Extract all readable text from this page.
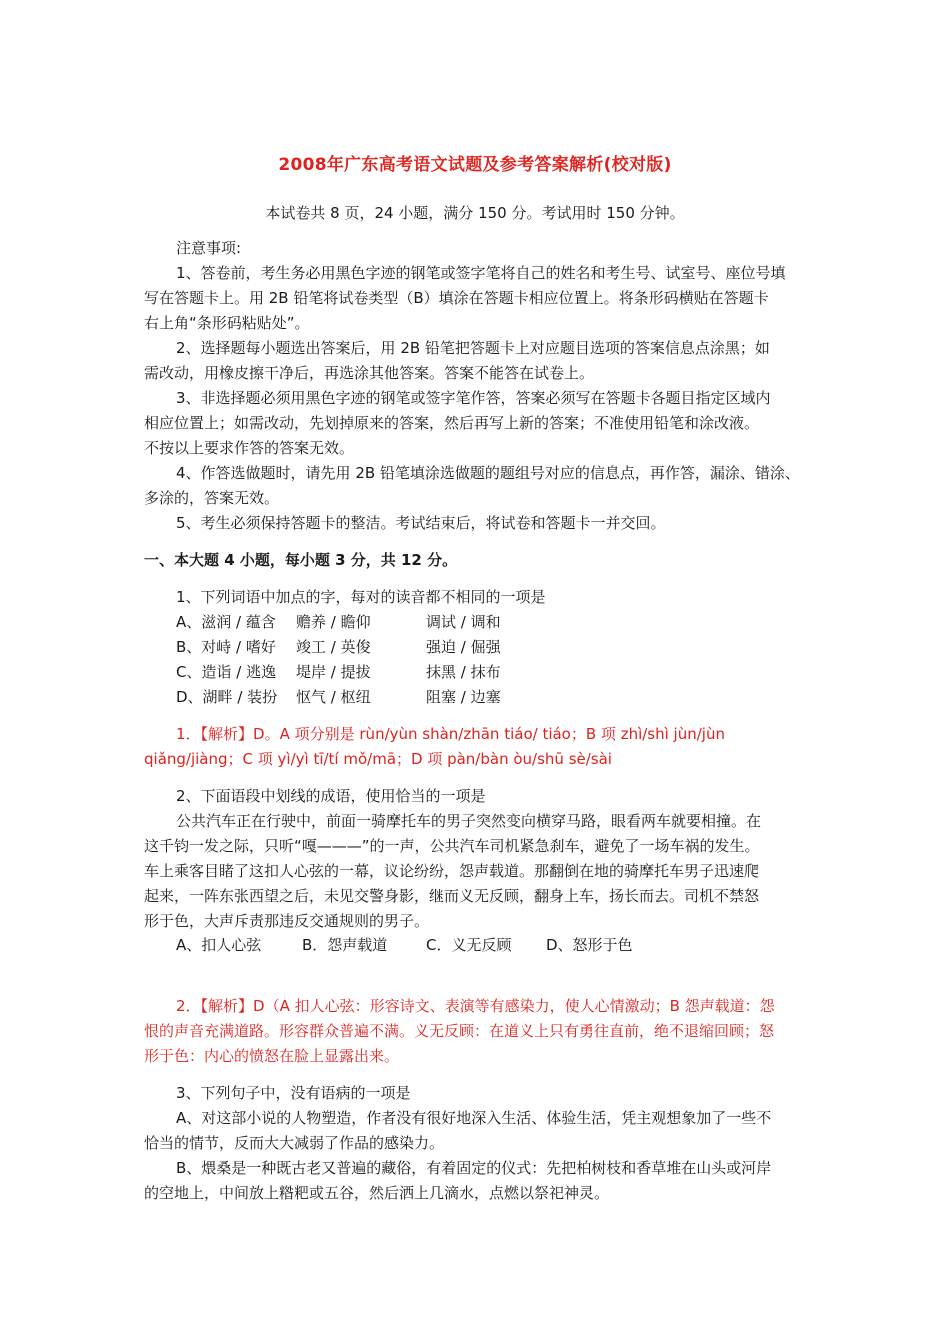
2008年广东高考语文试题及参考答案解析(校对版)
本试卷共 8 页，24 小题，满分 150 分。考试用时 150 分钟。
注意事项:
1、答卷前，考生务必用黑色字迹的钢笔或签字笔将自己的姓名和考生号、试室号、座位号填
写在答题卡上。用 2B 铅笔将试卷类型（B）填涂在答题卡相应位置上。将条形码横贴在答题卡
右上角“条形码粘贴处”。
2、选择题每小题选出答案后，用 2B 铅笔把答题卡上对应题目选项的答案信息点涂黑；如
需改动，用橡皮擦干净后，再选涂其他答案。答案不能答在试卷上。
3、非选择题必须用黑色字迹的钢笔或签字笔作答，答案必须写在答题卡各题目指定区域内
相应位置上；如需改动，先划掉原来的答案，然后再写上新的答案；不准使用铅笔和涂改液。
不按以上要求作答的答案无效。
4、作答选做题时，请先用 2B 铅笔填涂选做题的题组号对应的信息点，再作答，漏涂、错涂、
多涂的，答案无效。
5、考生必须保持答题卡的整洁。考试结束后，将试卷和答题卡一并交回。
一、本大题 4 小题，每小题 3 分，共 12 分。
1、下列词语中加点的字，每对的读音都不相同的一项是
A、滋润 / 蕴含 赡养 / 瞻仰	调试 / 调和
B、对峙 / 嗜好 竣工 / 英俊	强迫 / 倔强
C、造诣 / 逃逸 堤岸 / 提拔	抹黑 / 抹布
D、湖畔 / 装扮 怄气 / 枢纽	阻塞 / 边塞
1．【解析】D。A 项分别是 rùn/yùn shàn/zhān tiáo/ tiáo；B 项 zhì/shì jùn/jùn
qiǎng/jiàng；C 项 yì/yì tī/tí mǒ/mā；D 项 pàn/bàn òu/shū sè/sài
2、下面语段中划线的成语，使用恰当的一项是
公共汽车正在行驶中，前面一骑摩托车的男子突然变向横穿马路，眼看两车就要相撞。在
这千钧一发之际，只听“嘎———”的一声，公共汽车司机紧急刹车，避免了一场车祸的发生。
车上乘客目睹了这扣人心弦的一幕，议论纷纷，怨声载道。那翻倒在地的骑摩托车男子迅速爬
起来，一阵东张西望之后，未见交警身影，继而义无反顾，翻身上车，扬长而去。司机不禁怒
形于色，大声斥责那违反交通规则的男子。
A、扣人心弦	B．怨声载道	C．义无反顾 D、怒形于色
2．【解析】D（A 扣人心弦：形容诗文、表演等有感染力，使人心情激动；B 怨声载道：怨
恨的声音充满道路。形容群众普遍不满。义无反顾：在道义上只有勇往直前，绝不退缩回顾；怒
形于色：内心的愤怒在脸上显露出来。
3、下列句子中，没有语病的一项是
A、对这部小说的人物塑造，作者没有很好地深入生活、体验生活，凭主观想象加了一些不
恰当的情节，反而大大减弱了作品的感染力。
B、煨桑是一种既古老又普遍的藏俗，有着固定的仪式：先把柏树枝和香草堆在山头或河岸
的空地上，中间放上糌粑或五谷，然后洒上几滴水，点燃以祭祀神灵。
